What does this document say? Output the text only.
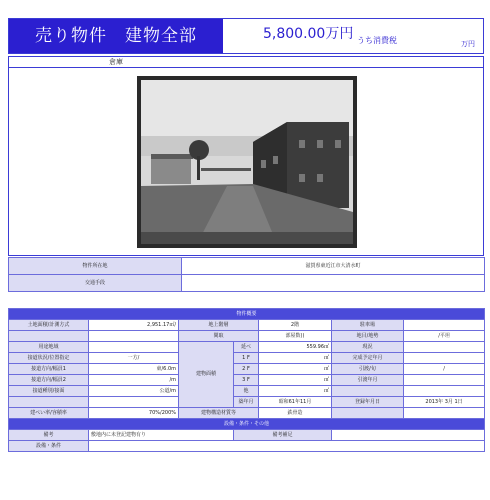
売り物件　建物全部	5,800.00万円 うち消費税	万円
倉庫
物件所在地	滋賀県東近江市大清水町
交通手段	
物件概要						
土地面積/計測方式	2,951.17㎡/	地上階層		2階	駐車場	
		間取		部屋数()	地目/地勢	/平坦
用途地域		建物面積	延べ	559.96㎡	現況	
接道状況/位置指定	一方/		1 F	㎡	完成予定年月	
接道方向/幅員1	東/6.0m		2 F	㎡	引渡/旬	/
接道方向/幅員2	/m		3 F	㎡	引渡年月	
接道種別/接面	公道/m		他	㎡		
			築年月	昭和61年11月	登録年月日	2013年 3月 1日
建ぺい率/容積率	70%/200%	建物構造材質等		鉄骨造		
設備・条件・その他						
備考	敷地内に未登記建物有り		備考補足			
設備・条件						
